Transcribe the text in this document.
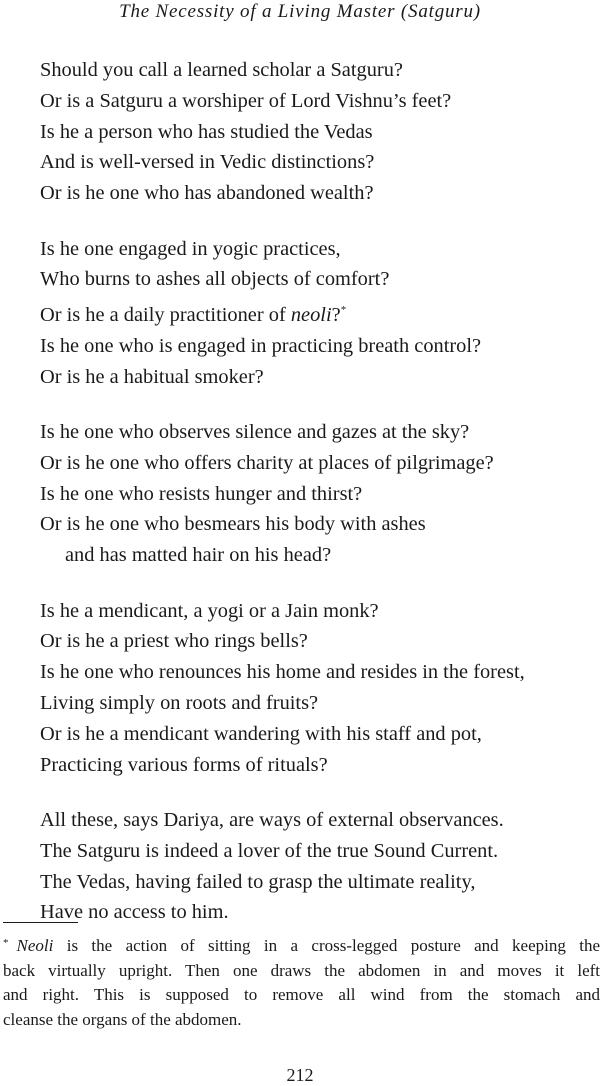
The Necessity of a Living Master (Satguru)
Should you call a learned scholar a Satguru?
Or is a Satguru a worshiper of Lord Vishnu’s feet?
Is he a person who has studied the Vedas
And is well-versed in Vedic distinctions?
Or is he one who has abandoned wealth?
Is he one engaged in yogic practices,
Who burns to ashes all objects of comfort?
Or is he a daily practitioner of neoli?*
Is he one who is engaged in practicing breath control?
Or is he a habitual smoker?
Is he one who observes silence and gazes at the sky?
Or is he one who offers charity at places of pilgrimage?
Is he one who resists hunger and thirst?
Or is he one who besmears his body with ashes
and has matted hair on his head?
Is he a mendicant, a yogi or a Jain monk?
Or is he a priest who rings bells?
Is he one who renounces his home and resides in the forest,
Living simply on roots and fruits?
Or is he a mendicant wandering with his staff and pot,
Practicing various forms of rituals?
All these, says Dariya, are ways of external observances.
The Satguru is indeed a lover of the true Sound Current.
The Vedas, having failed to grasp the ultimate reality,
Have no access to him.
* Neoli is the action of sitting in a cross-legged posture and keeping the
back virtually upright. Then one draws the abdomen in and moves it left
and right. This is supposed to remove all wind from the stomach and
cleanse the organs of the abdomen.
212
